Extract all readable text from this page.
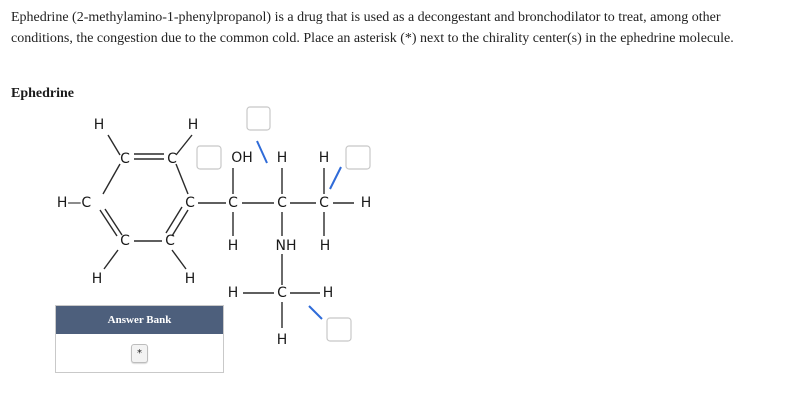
Ephedrine (2-methylamino-1-phenylpropanol) is a drug that is used as a decongestant and bronchodilator to treat, among other
conditions, the congestion due to the common cold. Place an asterisk (*) next to the chirality center(s) in the ephedrine molecule.
Ephedrine
H	H
C	C
H—C	C
C	C
H	H
OH H H
C	C C H
H	NH H
H	C	H
H
Answer Bank
*
